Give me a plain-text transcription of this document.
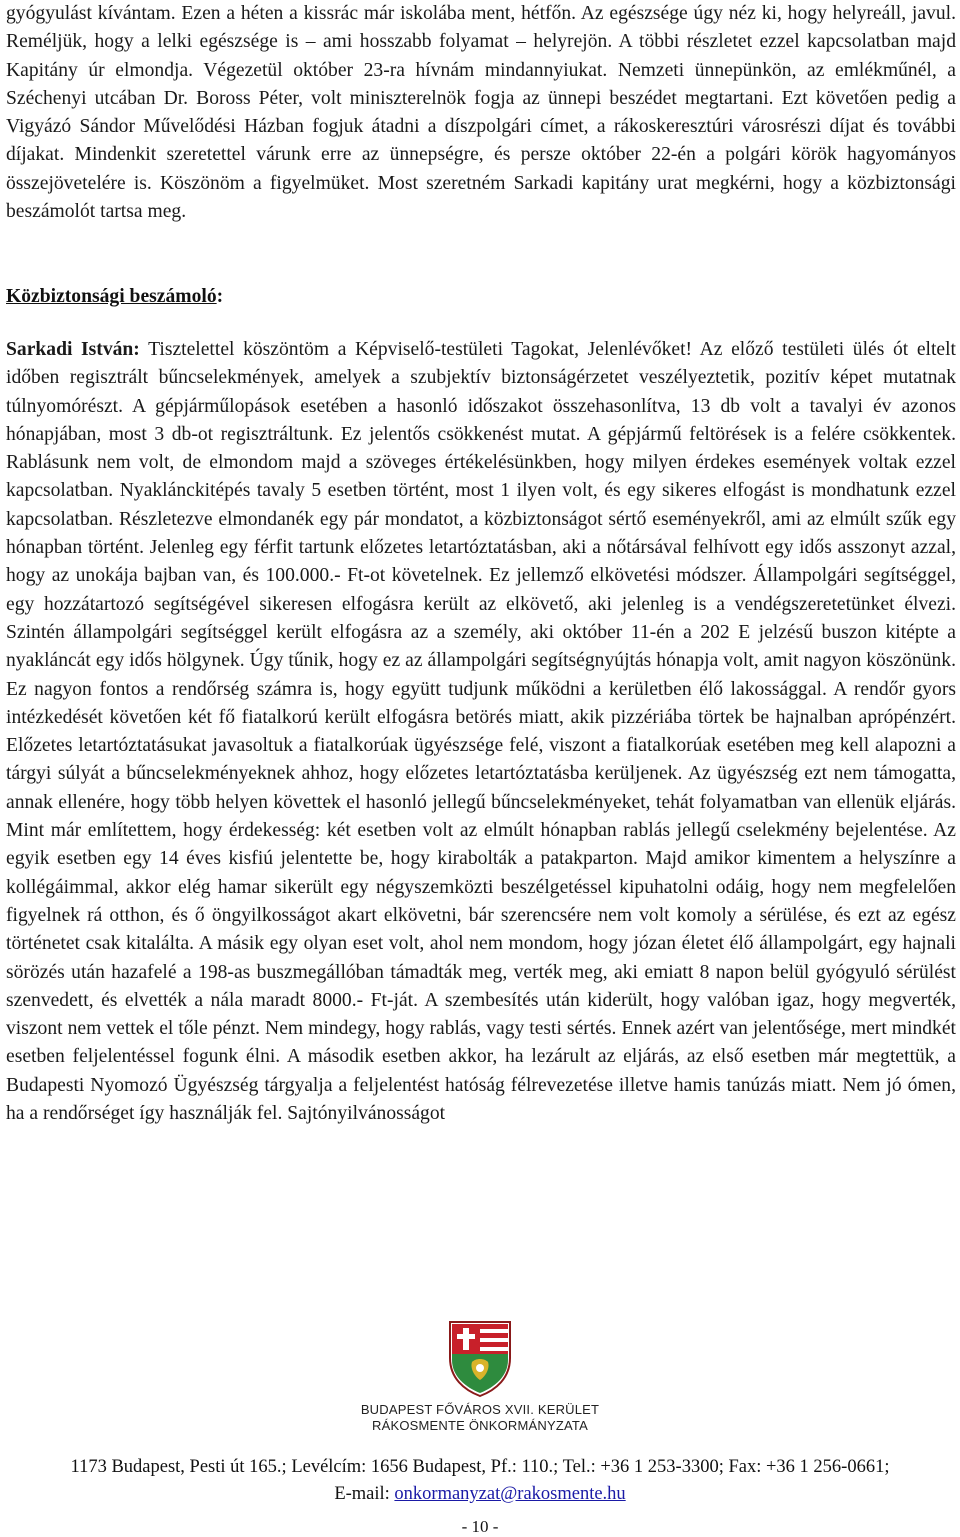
gyógyulást kívántam. Ezen a héten a kissrác már iskolába ment, hétfőn. Az egészsége úgy néz ki, hogy helyreáll, javul. Reméljük, hogy a lelki egészsége is – ami hosszabb folyamat – helyrejön. A többi részletet ezzel kapcsolatban majd Kapitány úr elmondja. Végezetül október 23-ra hívnám mindannyiukat. Nemzeti ünnepünkön, az emlékműnél, a Széchenyi utcában Dr. Boross Péter, volt miniszterelnök fogja az ünnepi beszédet megtartani. Ezt követően pedig a Vigyázó Sándor Művelődési Házban fogjuk átadni a díszpolgári címet, a rákoskeresztúri városrészi díjat és további díjakat. Mindenkit szeretettel várunk erre az ünnepségre, és persze október 22-én a polgári körök hagyományos összejövetelére is. Köszönöm a figyelmüket. Most szeretném Sarkadi kapitány urat megkérni, hogy a közbiztonsági beszámolót tartsa meg.

Közbiztonsági beszámoló:

Sarkadi István: Tisztelettel köszöntöm a Képviselő-testületi Tagokat, Jelenlévőket! Az előző testületi ülés ót eltelt időben regisztrált bűncselekmények, amelyek a szubjektív biztonságérzetet veszélyeztetik, pozitív képet mutatnak túlnyomórészt. A gépjárműlopások esetében a hasonló időszakot összehasonlítva, 13 db volt a tavalyi év azonos hónapjában, most 3 db-ot regisztráltunk. Ez jelentős csökkenést mutat. A gépjármű feltörések is a felére csökkentek. Rablásunk nem volt, de elmondom majd a szöveges értékelésünkben, hogy milyen érdekes események voltak ezzel kapcsolatban. Nyaklánckitépés tavaly 5 esetben történt, most 1 ilyen volt, és egy sikeres elfogást is mondhatunk ezzel kapcsolatban. Részletezve elmondanék egy pár mondatot, a közbiztonságot sértő eseményekről, ami az elmúlt szűk egy hónapban történt. Jelenleg egy férfit tartunk előzetes letartóztatásban, aki a nőtársával felhívott egy idős asszonyt azzal, hogy az unokája bajban van, és 100.000.- Ft-ot követelnek. Ez jellemző elkövetési módszer. Állampolgári segítséggel, egy hozzátartozó segítségével sikeresen elfogásra került az elkövető, aki jelenleg is a vendégszeretetünket élvezi. Szintén állampolgári segítséggel került elfogásra az a személy, aki október 11-én a 202 E jelzésű buszon kitépte a nyakláncát egy idős hölgynek. Úgy tűnik, hogy ez az állampolgári segítségnyújtás hónapja volt, amit nagyon köszönünk. Ez nagyon fontos a rendőrség számra is, hogy együtt tudjunk működni a kerületben élő lakossággal. A rendőr gyors intézkedését követően két fő fiatalkorú került elfogásra betörés miatt, akik pizzériába törtek be hajnalban aprópénzért. Előzetes letartóztatásukat javasoltuk a fiatalkorúak ügyészsége felé, viszont a fiatalkorúak esetében meg kell alapozni a tárgyi súlyát a bűncselekményeknek ahhoz, hogy előzetes letartóztatásba kerüljenek. Az ügyészség ezt nem támogatta, annak ellenére, hogy több helyen követtek el hasonló jellegű bűncselekményeket, tehát folyamatban van ellenük eljárás. Mint már említettem, hogy érdekesség: két esetben volt az elmúlt hónapban rablás jellegű cselekmény bejelentése. Az egyik esetben egy 14 éves kisfiú jelentette be, hogy kirabolták a patakparton. Majd amikor kimentem a helyszínre a kollégáimmal, akkor elég hamar sikerült egy négyszemközti beszélgetéssel kipuhatolni odáig, hogy nem megfelelően figyelnek rá otthon, és ő öngyilkosságot akart elkövetni, bár szerencsére nem volt komoly a sérülése, és ezt az egész történetet csak kitalálta. A másik egy olyan eset volt, ahol nem mondom, hogy józan életet élő állampolgárt, egy hajnali sörözés után hazafelé a 198-as buszmegállóban támadták meg, verték meg, aki emiatt 8 napon belül gyógyuló sérülést szenvedett, és elvették a nála maradt 8000.- Ft-ját. A szembesítés után kiderült, hogy valóban igaz, hogy megverték, viszont nem vettek el tőle pénzt. Nem mindegy, hogy rablás, vagy testi sértés. Ennek azért van jelentősége, mert mindkét esetben feljelentéssel fogunk élni. A második esetben akkor, ha lezárult az eljárás, az első esetben már megtettük, a Budapesti Nyomozó Ügyészség tárgyalja a feljelentést hatóság félrevezetése illetve hamis tanúzás miatt. Nem jó ómen, ha a rendőrséget így használják fel. Sajtónyilvánosságot

BUDAPEST FŐVÁROS XVII. KERÜLET
RÁKOSMENTE ÖNKORMÁNYZATA
1173 Budapest, Pesti út 165.; Levélcím: 1656 Budapest, Pf.: 110.; Tel.: +36 1 253-3300; Fax: +36 1 256-0661;
E-mail: onkormanyzat@rakosmente.hu
- 10 -
